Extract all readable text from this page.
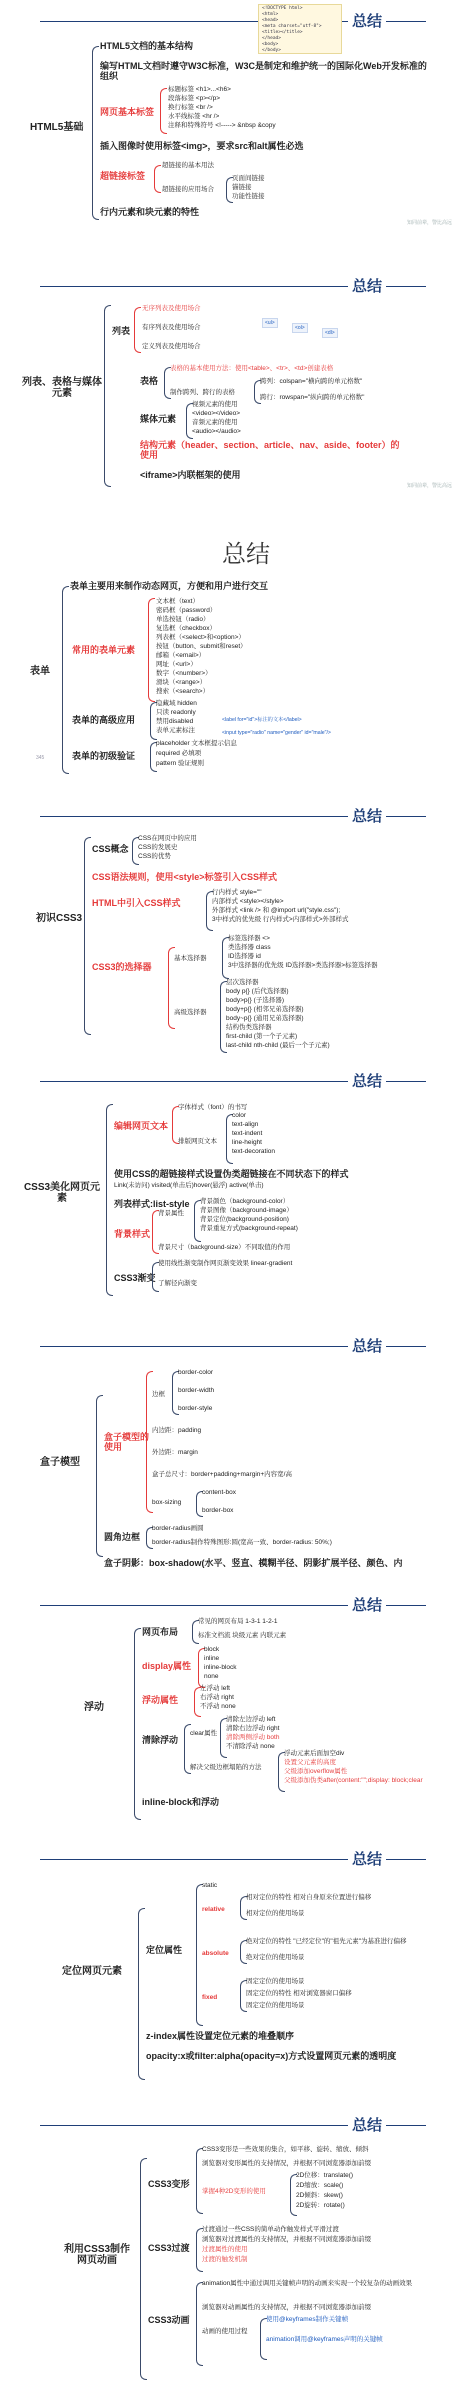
总结
<!DOCTYPE html>
<html>
<head>
<meta charset="utf-8">
<title></title>
</head>
<body>
</body>
HTML5基础
HTML5文档的基本结构
编写HTML文档时遵守W3C标准，W3C是制定和维护统一的国际化Web开发标准的组织
网页基本标签
标题标签 <h1>...<h6>
段落标签 <p></p>
换行标签 <br />
水平线标签 <hr />
注释和特殊符号 <!-----> &nbsp &copy
插入图像时使用标签<img>，要求src和alt属性必选
超链接标签
超链接的基本用法
超链接的应用场合
页面间链接
锚链接
功能性链接
行内元素和块元素的特性
知同前辈，警比高远
总结
列表、表格与媒体元素
列表
无序列表及使用场合
有序列表及使用场合
定义列表及使用场合
<ul>
<ol>
<dl>
表格
表格的基本使用方法：使用<table>、<tr>、<td>创建表格
制作跨列、跨行的表格
跨列：colspan="横向跨的单元格数"
跨行：rowspan="纵向跨的单元格数"
媒体元素
视频元素的使用
<video></video>
音频元素的使用
<audio></audio>
结构元素（header、section、article、nav、aside、footer）的使用
<iframe>内联框架的使用
知同前辈，警比高远
总结
表单
表单主要用来制作动态网页，方便和用户进行交互
常用的表单元素
文本框（text）
密码框（password）
单选按钮（radio）
复选框（checkbox）
列表框（<select>和<option>）
按钮（button、submit和reset）
邮箱（<email>）
网址（<url>）
数字（<number>）
滑块（<range>）
搜索（<search>）
表单的高级应用
隐藏域 hidden
只读 readonly
禁用disabled
表单元素标注
<label for="id">标注的文本</label>
<input type="radio" name="gender" id="male"/>
表单的初级验证
placeholder 文本框提示信息
required 必填项
pattern 验证规则
345
总结
初识CSS3
CSS概念
CSS在网页中的应用
CSS的发展史
CSS的优势
CSS语法规则，使用<style>标签引入CSS样式
HTML中引入CSS样式
行内样式 style=""
内部样式 <style></style>
外部样式 <link /> 和 @import url("style.css");
3中样式的优先级 行内样式>内部样式>外部样式
CSS3的选择器
基本选择器
标签选择器 <>
类选择器 class
ID选择器 id
3中选择器的优先级 ID选择器>类选择器>标签选择器
高级选择器
层次选择器
body p{} (后代选择器)
body>p{} (子选择器)
body+p{} (相邻兄弟选择器)
body~p{} (通用兄弟选择器)
结构伪类选择器
first-child (第一个子元素)
last-child nth-child (最后一个子元素)
总结
CSS3美化网页元素
编辑网页文本
字体样式（font）的书写
排版网页文本
color
text-align
text-indent
line-height
text-decoration
使用CSS的超链接样式设置伪类超链接在不同状态下的样式
Link(未访问) visited(单击后)hover(悬浮) active(单击)
列表样式:list-style
背景样式
背景属性
背景颜色（background-color）
背景图像（background-image）
背景定位(background-position)
背景重复方式(background-repeat)
背景尺寸（background-size）不同取值的作用
CSS3渐变
使用线性渐变制作网页渐变效果 linear-gradient
了解径向渐变
总结
盒子模型
盒子模型的使用
边框
border-color
border-width
border-style
内边距：padding
外边距：margin
盒子总尺寸：border+padding+margin+内容宽/高
box-sizing
content-box
border-box
圆角边框
border-radius画圆
border-radius制作特殊图形:圆(宽高一致、border-radius: 50%;)
盒子阴影：box-shadow(水平、竖直、模糊半径、阴影扩展半径、颜色、内
总结
浮动
网页布局
常见的网页布局 1-3-1 1-2-1
标准文档流 块级元素 内联元素
display属性
block
inline
inline-block
none
浮动属性
左浮动 left
右浮动 right
不浮动 none
清除浮动
clear属性
清除左边浮动 left
清除右边浮动 right
清除两侧浮动 both
不清除浮动 none
解决父级边框塌陷的方法
浮动元素后面加空div
设置父元素的高度
父级添加overflow属性
父级添加伪类after(content:"";display: block;clear
inline-block和浮动
总结
定位网页元素
定位属性
static
relative
相对定位的特性 相对自身原来位置进行偏移
相对定位的使用场景
absolute
绝对定位的特性 "已经定位"的"祖先元素"为基准进行偏移
绝对定位的使用场景
fixed
固定定位的使用场景
固定定位的特性 相对浏览器窗口偏移
固定定位的使用场景
z-index属性设置定位元素的堆叠顺序
opacity:x或filter:alpha(opacity=x)方式设置网页元素的透明度
总结
利用CSS3制作网页动画
CSS3变形
CSS3变形是一些效果的集合，如平移、旋转、缩放、倾斜
浏览器对变形属性的支持情况，并根据不同浏览器添加前缀
掌握4种2D变形的使用
2D位移：translate()
2D缩放：scale()
2D倾斜：skew()
2D旋转：rotate()
CSS3过渡
过渡通过一些CSS的简单动作触发样式平滑过渡
浏览器对过渡属性的支持情况，并根据不同浏览器添加前缀
过渡属性的使用
过渡的触发机制
CSS3动画
animation属性中通过调用关键帧声明的动画来实现一个较复杂的动画效果
浏览器对动画属性的支持情况，并根据不同浏览器添加前缀
动画的使用过程
使用@keyframes制作关键帧
animation调用@keyframes声明的关键帧
